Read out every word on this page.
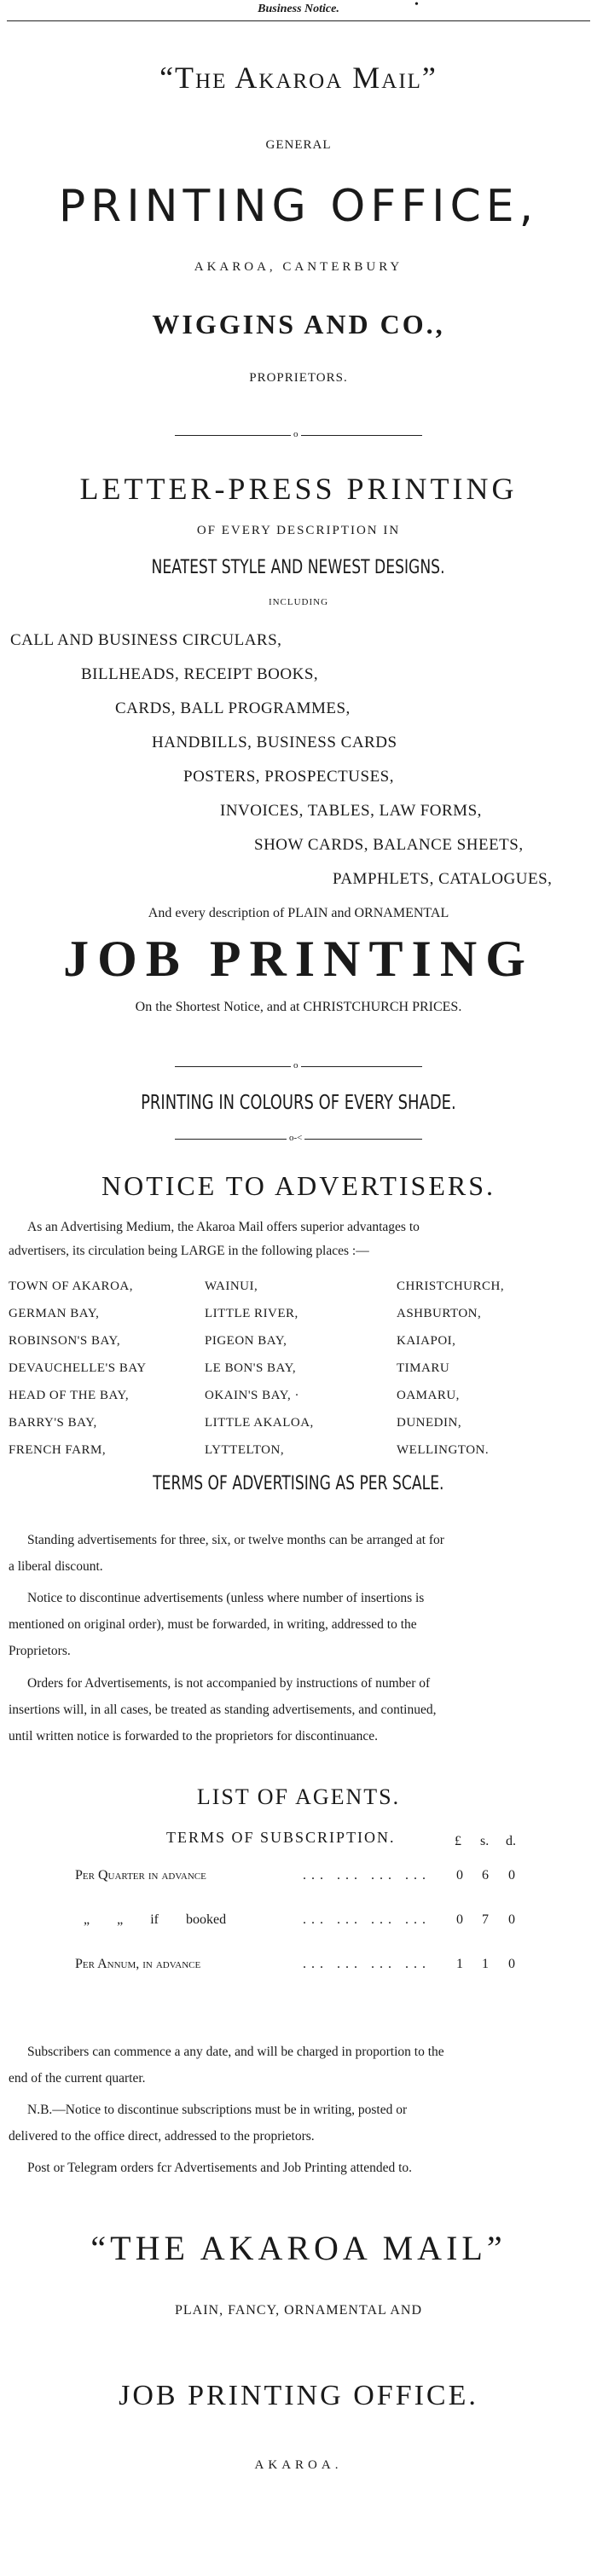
Business Notice.	•
“The Akaroa Mail”
GENERAL
PRINTING OFFICE,
AKAROA, CANTERBURY
WIGGINS AND CO.,
PROPRIETORS.
o
LETTER-PRESS PRINTING
OF EVERY DESCRIPTION IN
NEATEST STYLE AND NEWEST DESIGNS.
INCLUDING
CALL AND BUSINESS CIRCULARS,
BILLHEADS, RECEIPT BOOKS,
CARDS, BALL PROGRAMMES,
HANDBILLS, BUSINESS CARDS
POSTERS, PROSPECTUSES,
INVOICES, TABLES, LAW FORMS,
SHOW CARDS, BALANCE SHEETS,
PAMPHLETS, CATALOGUES,
And every description of PLAIN and ORNAMENTAL
JOB PRINTING
On the Shortest Notice, and at CHRISTCHURCH PRICES.
o
PRINTING IN COLOURS OF EVERY SHADE.
o-<
NOTICE TO ADVERTISERS.
As an Advertising Medium, the Akaroa Mail offers superior advantages to
advertisers, its circulation being LARGE in the following places :—
TOWN OF AKAROA,	WAINUI,	CHRISTCHURCH,
GERMAN BAY,	LITTLE RIVER,	ASHBURTON,
ROBINSON'S BAY,	PIGEON BAY,	KAIAPOI,
DEVAUCHELLE'S BAY	LE BON'S BAY,	TIMARU
HEAD OF THE BAY,	OKAIN'S BAY, ·	OAMARU,
BARRY'S BAY,	LITTLE AKALOA,	DUNEDIN,
FRENCH FARM,	LYTTELTON,	WELLINGTON.
TERMS OF ADVERTISING AS PER SCALE.
Standing advertisements for three, six, or twelve months can be arranged at for
a liberal discount.
Notice to discontinue advertisements (unless where number of insertions is
mentioned on original order), must be forwarded, in writing, addressed to the
Proprietors.
Orders for Advertisements, is not accompanied by instructions of number of
insertions will, in all cases, be treated as standing advertisements, and continued,
until written notice is forwarded to the proprietors for discontinuance.
LIST OF AGENTS.
TERMS OF SUBSCRIPTION.	£ s. d.
Per Quarter in advance	... ... ... ... 0 6 0
„ „ if booked	... ... ... ... 0 7 0
Per Annum, in advance	... ... ... ... 1 1 0
Subscribers can commence a any date, and will be charged in proportion to the
end of the current quarter.
N.B.—Notice to discontinue subscriptions must be in writing, posted or
delivered to the office direct, addressed to the proprietors.
Post or Telegram orders fcr Advertisements and Job Printing attended to.
“THE AKAROA MAIL”
PLAIN, FANCY, ORNAMENTAL AND
JOB PRINTING OFFICE.
AKAROA.
